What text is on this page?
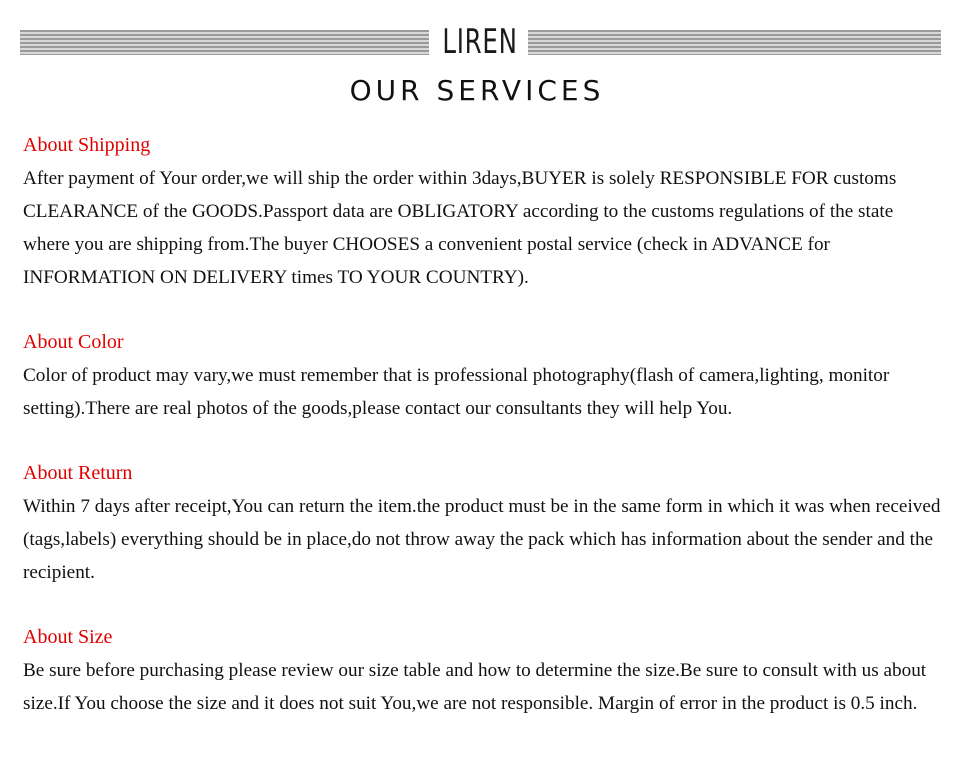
LIREN
OUR SERVICES

About Shipping

After payment of Your order,we will ship the order within 3days,BUYER is solely RESPONSIBLE FOR customs CLEARANCE of the GOODS.Passport data are OBLIGATORY according to the customs regulations of the state where you are shipping from.The buyer CHOOSES a convenient postal service (check in ADVANCE for INFORMATION ON DELIVERY times TO YOUR COUNTRY).

About Color

Color of product may vary,we must remember that is professional photography(flash of camera,lighting, monitor setting).There are real photos of the goods,please contact our consultants they will help You.

About Return

Within 7 days after receipt,You can return the item.the product must be in the same form in which it was when received (tags,labels) everything should be in place,do not throw away the pack which has information about the sender and the recipient.

About Size

Be sure before purchasing please review our size table and how to determine the size.Be sure to consult with us about size.If You choose the size and it does not suit You,we are not responsible. Margin of error in the product is 0.5 inch.
